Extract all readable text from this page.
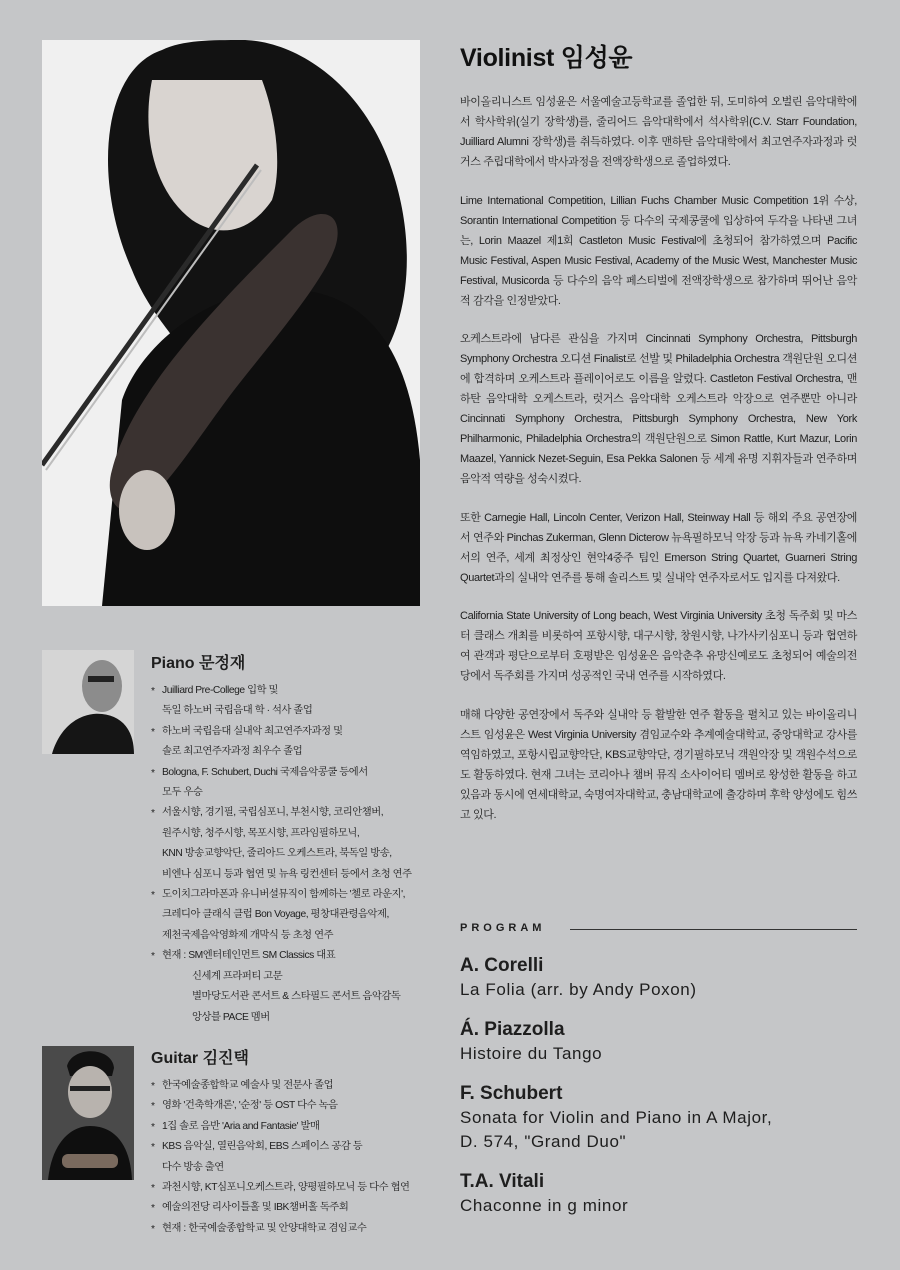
Violinist 임성윤

바이올리니스트 임성윤은 서울예술고등학교를 졸업한 뒤, 도미하여 오벌린 음악대학에서 학사학위(실기 장학생)를, 줄리어드 음악대학에서 석사학위(C.V. Starr Foundation, Juilliard Alumni 장학생)를 취득하였다. 이후 맨하탄 음악대학에서 최고연주자과정과 럿거스 주립대학에서 박사과정을 전액장학생으로 졸업하였다.

Lime International Competition, Lillian Fuchs Chamber Music Competition 1위 수상, Sorantin International Competition 등 다수의 국제콩쿨에 입상하여 두각을 나타낸 그녀는, Lorin Maazel 제1회 Castleton Music Festival에 초청되어 참가하였으며 Pacific Music Festival, Aspen Music Festival, Academy of the Music West, Manchester Music Festival, Musicorda 등 다수의 음악 페스티벌에 전액장학생으로 참가하며 뛰어난 음악적 감각을 인정받았다.

오케스트라에 남다른 관심을 가지며 Cincinnati Symphony Orchestra, Pittsburgh Symphony Orchestra 오디션 Finalist로 선발 및 Philadelphia Orchestra 객원단원 오디션에 합격하며 오케스트라 플레이어로도 이름을 알렸다. Castleton Festival Orchestra, 맨하탄 음악대학 오케스트라, 럿거스 음악대학 오케스트라 악장으로 연주뿐만 아니라 Cincinnati Symphony Orchestra, Pittsburgh Symphony Orchestra, New York Philharmonic, Philadelphia Orchestra의 객원단원으로 Simon Rattle, Kurt Mazur, Lorin Maazel, Yannick Nezet-Seguin, Esa Pekka Salonen 등 세계 유명 지휘자들과 연주하며 음악적 역량을 성숙시켰다.

또한 Carnegie Hall, Lincoln Center, Verizon Hall, Steinway Hall 등 해외 주요 공연장에서 연주와 Pinchas Zukerman, Glenn Dicterow 뉴욕필하모닉 악장 등과 뉴욕 카네기홀에서의 연주, 세계 최정상인 현악4중주 팀인 Emerson String Quartet, Guarneri String Quartet과의 실내악 연주를 통해 솔리스트 및 실내악 연주자로서도 입지를 다져왔다.

California State University of Long beach, West Virginia University 초청 독주회 및 마스터 클래스 개최를 비롯하여 포항시향, 대구시향, 창원시향, 나가사키심포니 등과 협연하여 관객과 평단으로부터 호평받은 임성윤은 음악춘추 유망신예로도 초청되어 예술의전당에서 독주회를 가지며 성공적인 국내 연주를 시작하였다.

매해 다양한 공연장에서 독주와 실내악 등 활발한 연주 활동을 펼치고 있는 바이올리니스트 임성윤은 West Virginia University 겸임교수와 추계예술대학교, 중앙대학교 강사를 역임하였고, 포항시립교향악단, KBS교향악단, 경기필하모닉 객원악장 및 객원수석으로도 활동하였다. 현재 그녀는 코리아나 챔버 뮤직 소사이어티 멤버로 왕성한 활동을 하고 있음과 동시에 연세대학교, 숙명여자대학교, 충남대학교에 출강하며 후학 양성에도 힘쓰고 있다.

PROGRAM
A. Corelli
La Folia (arr. by Andy Poxon)
Á. Piazzolla
Histoire du Tango
F. Schubert
Sonata for Violin and Piano in A Major,
D. 574, "Grand Duo"
T.A. Vitali
Chaconne in g minor
Piano 문정재
* Juilliard Pre-College 입학 및
독일 하노버 국립음대 학 · 석사 졸업
* 하노버 국립음대 실내악 최고연주자과정 및
솔로 최고연주자과정 최우수 졸업
* Bologna, F. Schubert, Duchi 국제음악콩쿨 등에서
모두 우승
* 서울시향, 경기필, 국립심포니, 부천시향, 코리안챔버,
원주시향, 청주시향, 목포시향, 프라임필하모닉,
KNN 방송교향악단, 줄리아드 오케스트라, 북독일 방송,
비엔나 심포니 등과 협연 및 뉴욕 링컨센터 등에서 초청 연주
* 도이치그라마폰과 유니버셜뮤직이 함께하는 '첼로 라운지',
크레디아 클래식 클럽 Bon Voyage, 평창대관령음악제,
제천국제음악영화제 개막식 등 초청 연주
* 현재 : SM엔터테인먼트 SM Classics 대표
신세계 프라퍼티 고문
별마당도서관 콘서트 & 스타필드 콘서트 음악감독
앙상블 PACE 멤버
Guitar 김진택
* 한국예술종합학교 예술사 및 전문사 졸업
* 영화 '건축학개론', '순정' 등 OST 다수 녹음
* 1집 솔로 음반 'Aria and Fantasie' 발매
* KBS 음악실, 열린음악회, EBS 스페이스 공감 등
다수 방송 출연
* 과천시향, KT심포니오케스트라, 양평필하모닉 등 다수 협연
* 예술의전당 리사이틀홀 및 IBK챔버홀 독주회
* 현재 : 한국예술종합학교 및 안양대학교 겸임교수
